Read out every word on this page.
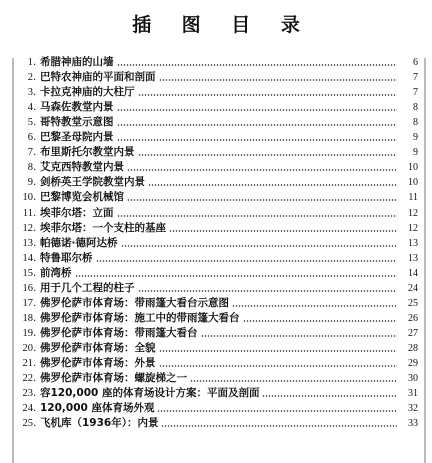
插 图 目 录
1 . 希腊神庙的山墙	6
2 . 巴特农神庙的平面和剖面	7
3 . 卡拉克神庙的大柱厅	7
4 . 马森佐教堂内景	8
5 . 哥特教堂示意图	8
6 . 巴黎圣母院内景	9
7 . 布里斯托尔教堂内景	9
8 . 艾克西特教堂内景	10
9 . 剑桥英王学院教堂内景	10
10 . 巴黎博览会机械馆	11
11 . 埃菲尔塔：立面	12
12 . 埃菲尔塔：一个支柱的基座	12
13 . 帕德诺·德阿达桥	13
14 . 特鲁耶尔桥	13
15 . 前湾桥	14
16 . 用于几个工程的柱子	24
17 . 佛罗伦萨市体育场：带雨篷大看台示意图	25
18 . 佛罗伦萨市体育场：施工中的带雨篷大看台	26
19 . 佛罗伦萨市体育场：带雨篷大看台	27
20 . 佛罗伦萨市体育场：全貌	28
21 . 佛罗伦萨市体育场：外景	29
22 . 佛罗伦萨市体育场：螺旋梯之一	30
23 . 容120,000 座的体育场设计方案：平面及剖面	31
24 . 120,000 座体育场外观	32
25 . 飞机库（1936年）：内景	33
